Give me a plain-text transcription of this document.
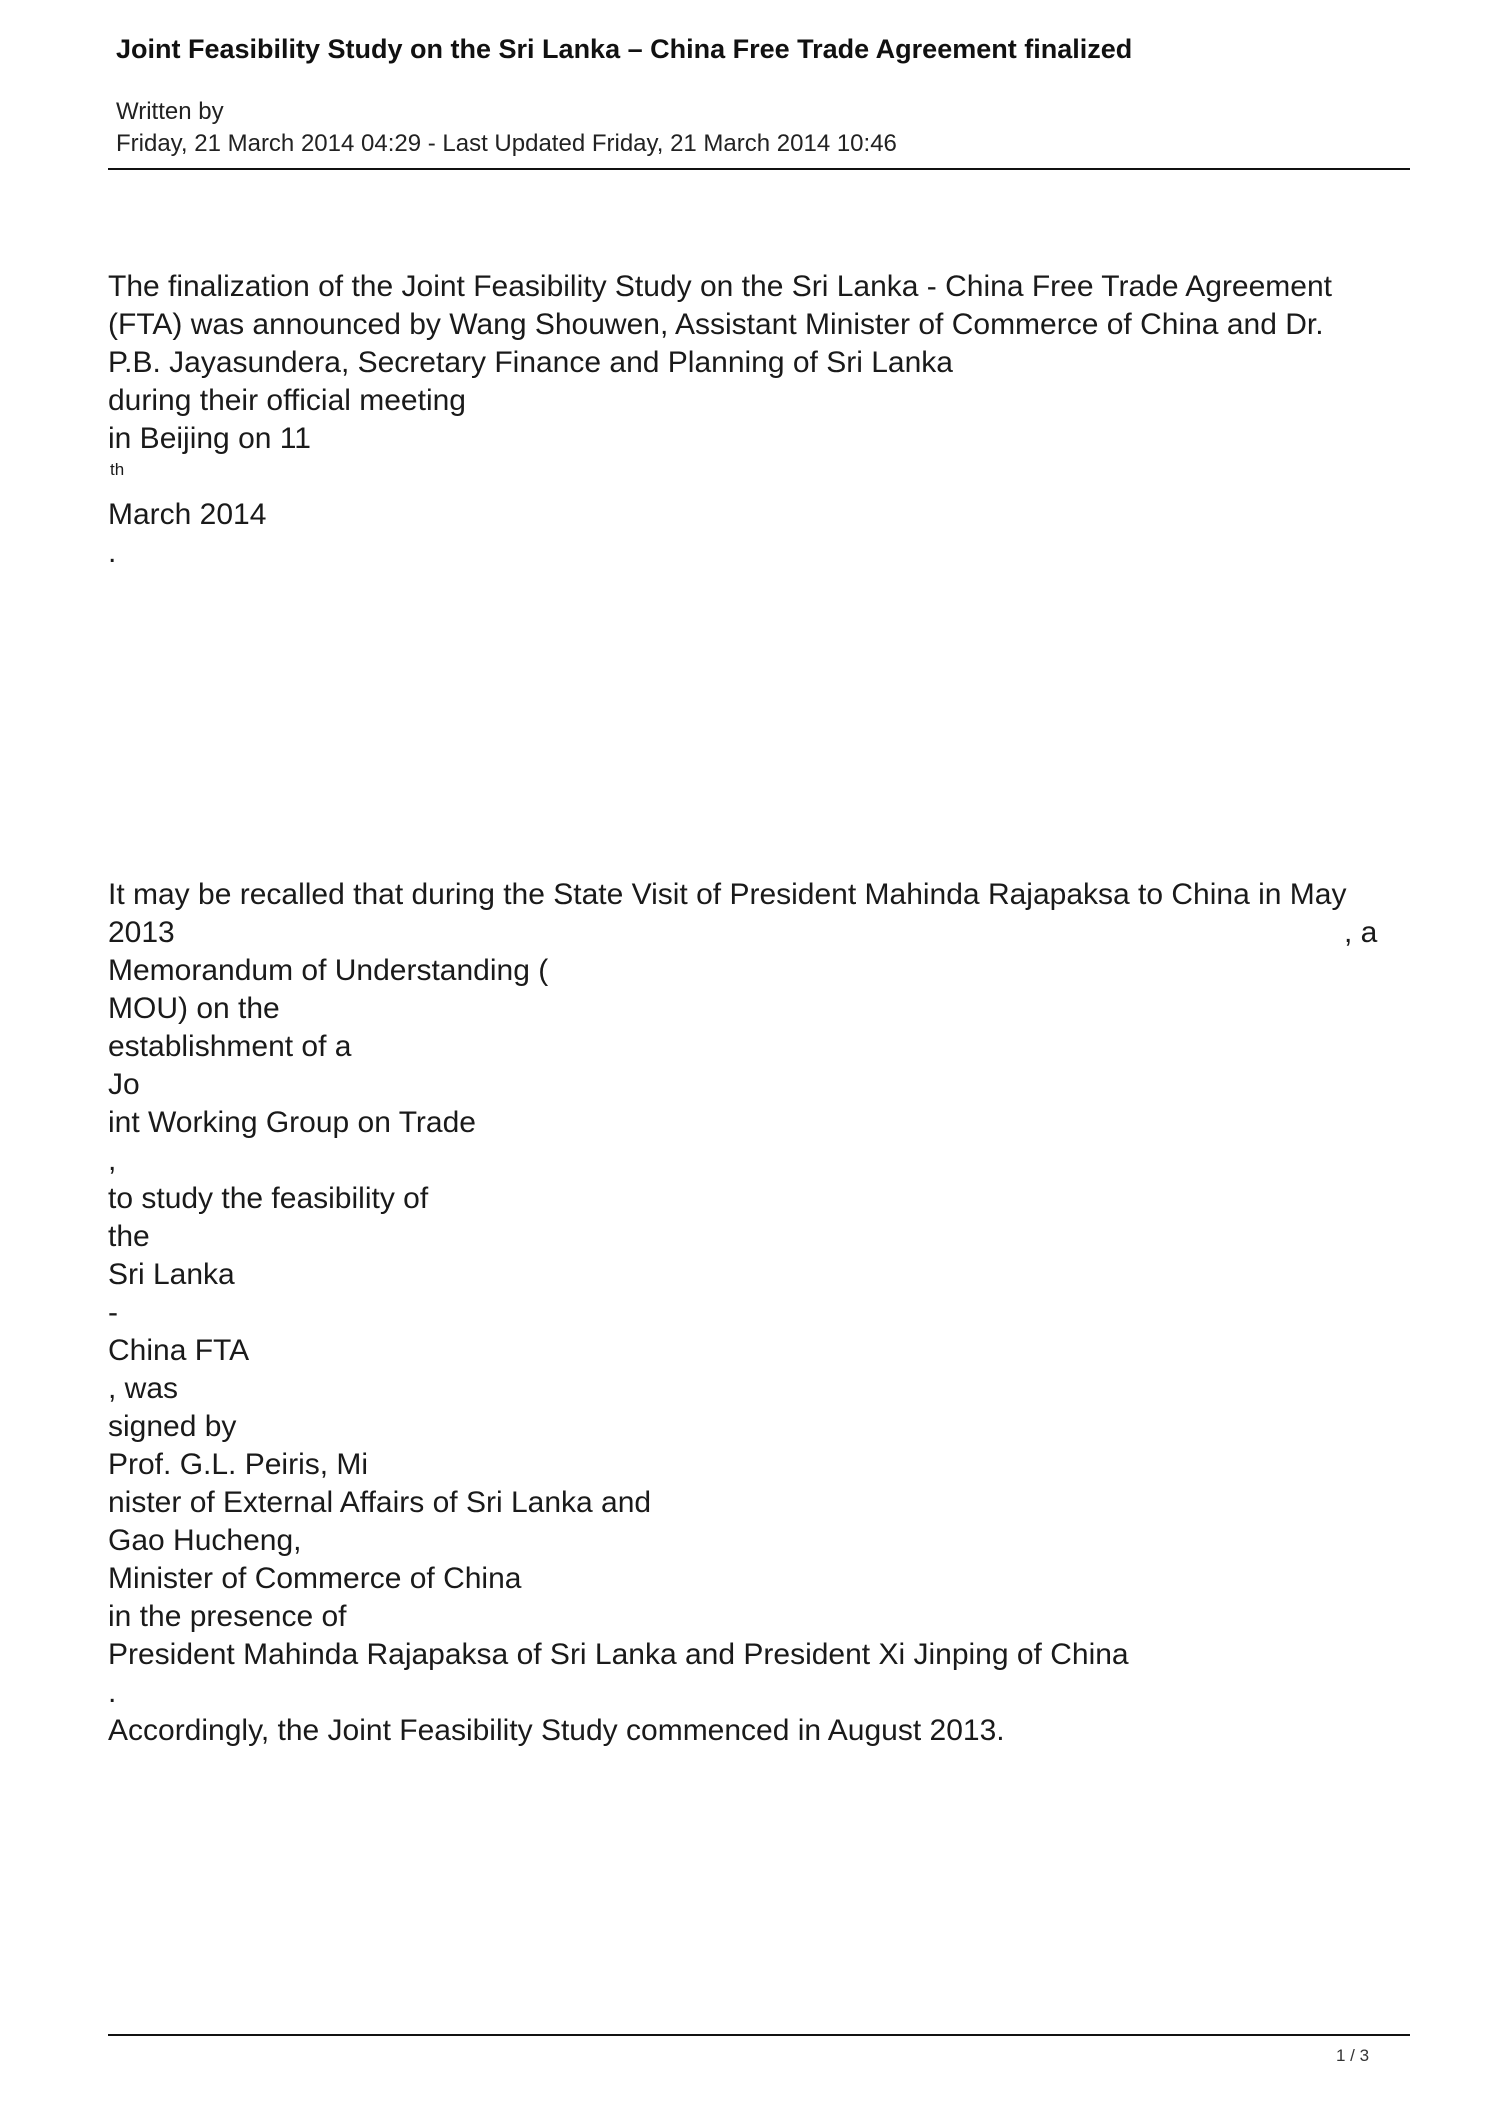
Joint Feasibility Study on the Sri Lanka – China Free Trade Agreement finalized
Written by
Friday, 21 March 2014 04:29 - Last Updated Friday, 21 March 2014 10:46
The finalization of the Joint Feasibility Study on the Sri Lanka - China Free Trade Agreement
(FTA) was announced by Wang Shouwen, Assistant Minister of Commerce of China and Dr.
P.B. Jayasundera, Secretary Finance and Planning of Sri Lanka
during their official meeting
in Beijing on 11
th
March 2014
.
It may be recalled that during the State Visit of President Mahinda Rajapaksa to China in May
2013	, a
Memorandum of Understanding (
MOU) on the
establishment of a
Jo
int Working Group on Trade
,
to study the feasibility of
the
Sri Lanka
-
China FTA
, was
signed by
Prof. G.L. Peiris, Mi
nister of External Affairs of Sri Lanka and
Gao Hucheng,
Minister of Commerce of China
in the presence of
President Mahinda Rajapaksa of Sri Lanka and President Xi Jinping of China
.
Accordingly, the Joint Feasibility Study commenced in August 2013.
1 / 3
